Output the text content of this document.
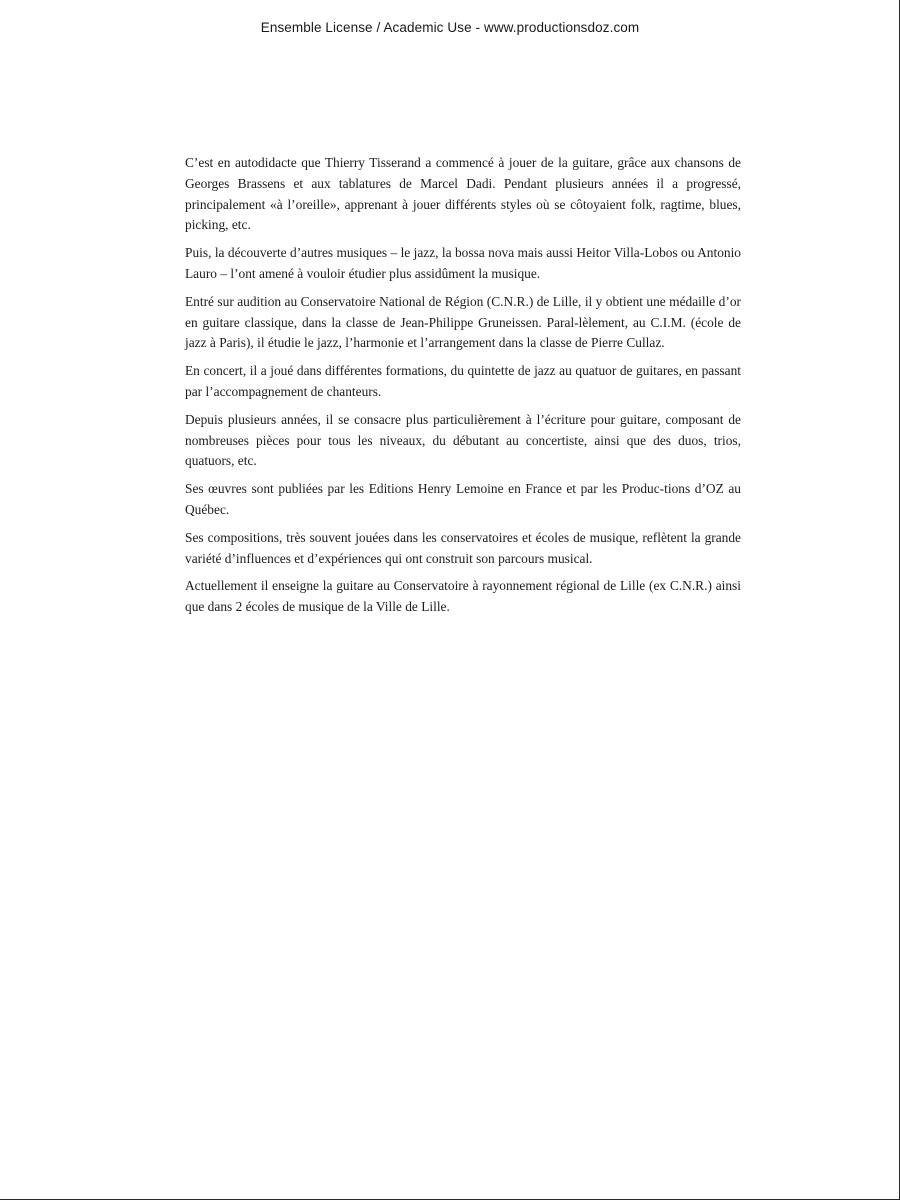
Ensemble License / Academic Use - www.productionsdoz.com

C’est en autodidacte que Thierry Tisserand a commencé à jouer de la guitare, grâce aux chansons de Georges Brassens et aux tablatures de Marcel Dadi. Pendant plusieurs années il a progressé, principalement «à l’oreille», apprenant à jouer différents styles où se côtoyaient folk, ragtime, blues, picking, etc.

Puis, la découverte d’autres musiques – le jazz, la bossa nova mais aussi Heitor Villa-Lobos ou Antonio Lauro – l’ont amené à vouloir étudier plus assidûment la musique.

Entré sur audition au Conservatoire National de Région (C.N.R.) de Lille, il y obtient une médaille d’or en guitare classique, dans la classe de Jean-Philippe Gruneissen. Paral-lèlement, au C.I.M. (école de jazz à Paris), il étudie le jazz, l’harmonie et l’arrangement dans la classe de Pierre Cullaz.

En concert, il a joué dans différentes formations, du quintette de jazz au quatuor de guitares, en passant par l’accompagnement de chanteurs.

Depuis plusieurs années, il se consacre plus particulièrement à l’écriture pour guitare, composant de nombreuses pièces pour tous les niveaux, du débutant au concertiste, ainsi que des duos, trios, quatuors, etc.

Ses œuvres sont publiées par les Editions Henry Lemoine en France et par les Produc-tions d’OZ au Québec.

Ses compositions, très souvent jouées dans les conservatoires et écoles de musique, reflètent la grande variété d’influences et d’expériences qui ont construit son parcours musical.

Actuellement il enseigne la guitare au Conservatoire à rayonnement régional de Lille (ex C.N.R.) ainsi que dans 2 écoles de musique de la Ville de Lille.
